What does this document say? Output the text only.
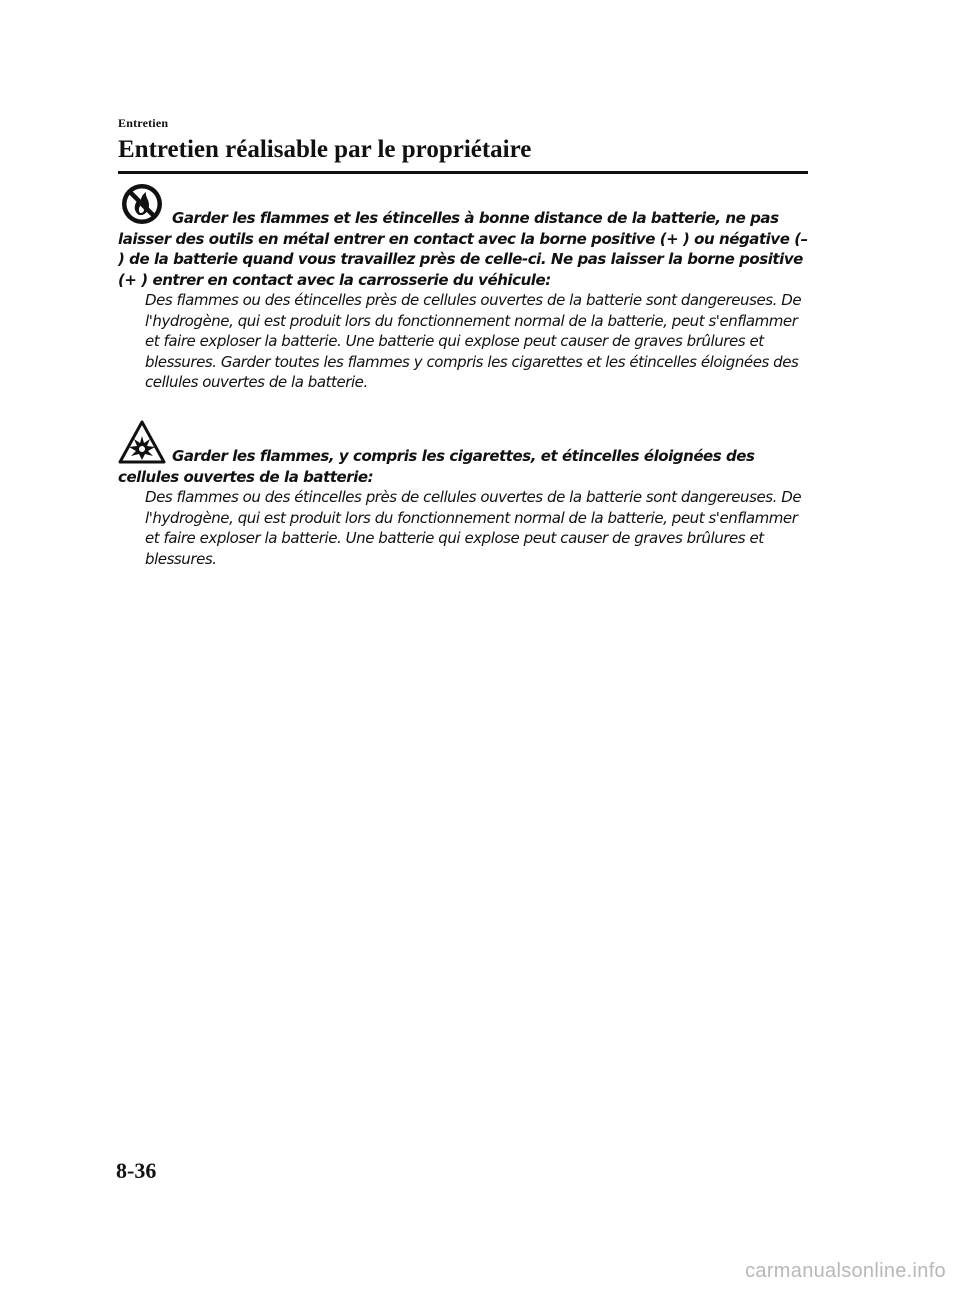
Entretien
Entretien réalisable par le propriétaire

Garder les flammes et les étincelles à bonne distance de la batterie, ne pas laisser des outils en métal entrer en contact avec la borne positive (+ ) ou négative (– ) de la batterie quand vous travaillez près de celle-ci. Ne pas laisser la borne positive (+ ) entrer en contact avec la carrosserie du véhicule:

Des flammes ou des étincelles près de cellules ouvertes de la batterie sont dangereuses. De l'hydrogène, qui est produit lors du fonctionnement normal de la batterie, peut s'enflammer et faire exploser la batterie. Une batterie qui explose peut causer de graves brûlures et blessures. Garder toutes les flammes y compris les cigarettes et les étincelles éloignées des cellules ouvertes de la batterie.

Garder les flammes, y compris les cigarettes, et étincelles éloignées des cellules ouvertes de la batterie:

Des flammes ou des étincelles près de cellules ouvertes de la batterie sont dangereuses. De l'hydrogène, qui est produit lors du fonctionnement normal de la batterie, peut s'enflammer et faire exploser la batterie. Une batterie qui explose peut causer de graves brûlures et blessures.

8-36
carmanualsonline.info
